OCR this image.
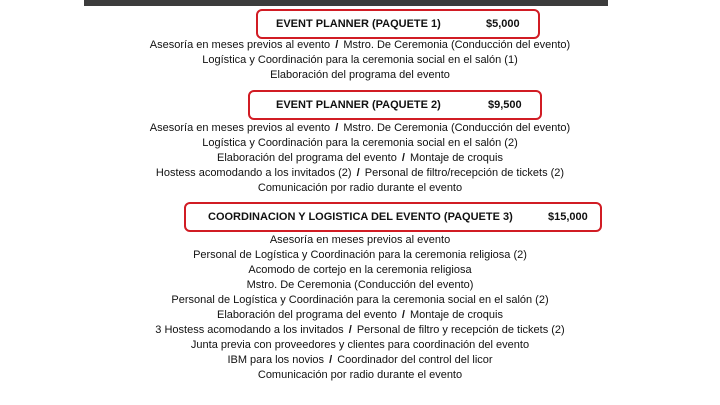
EVENT PLANNER (PAQUETE 1)	$5,000
Asesoría en meses previos al evento / Mstro. De Ceremonia (Conducción del evento)
Logística y Coordinación para la ceremonia social en el salón (1)
Elaboración del programa del evento
EVENT PLANNER (PAQUETE 2)	$9,500
Asesoría en meses previos al evento / Mstro. De Ceremonia (Conducción del evento)
Logística y Coordinación para la ceremonia social en el salón (2)
Elaboración del programa del evento / Montaje de croquis
Hostess acomodando a los invitados (2) / Personal de filtro/recepción de tickets (2)
Comunicación por radio durante el evento
COORDINACION Y LOGISTICA DEL EVENTO (PAQUETE 3)	$15,000
Asesoría en meses previos al evento
Personal de Logística y Coordinación para la ceremonia religiosa (2)
Acomodo de cortejo en la ceremonia religiosa
Mstro. De Ceremonia (Conducción del evento)
Personal de Logística y Coordinación para la ceremonia social en el salón (2)
Elaboración del programa del evento / Montaje de croquis
3 Hostess acomodando a los invitados / Personal de filtro y recepción de tickets (2)
Junta previa con proveedores y clientes para coordinación del evento
IBM para los novios / Coordinador del control del licor
Comunicación por radio durante el evento
